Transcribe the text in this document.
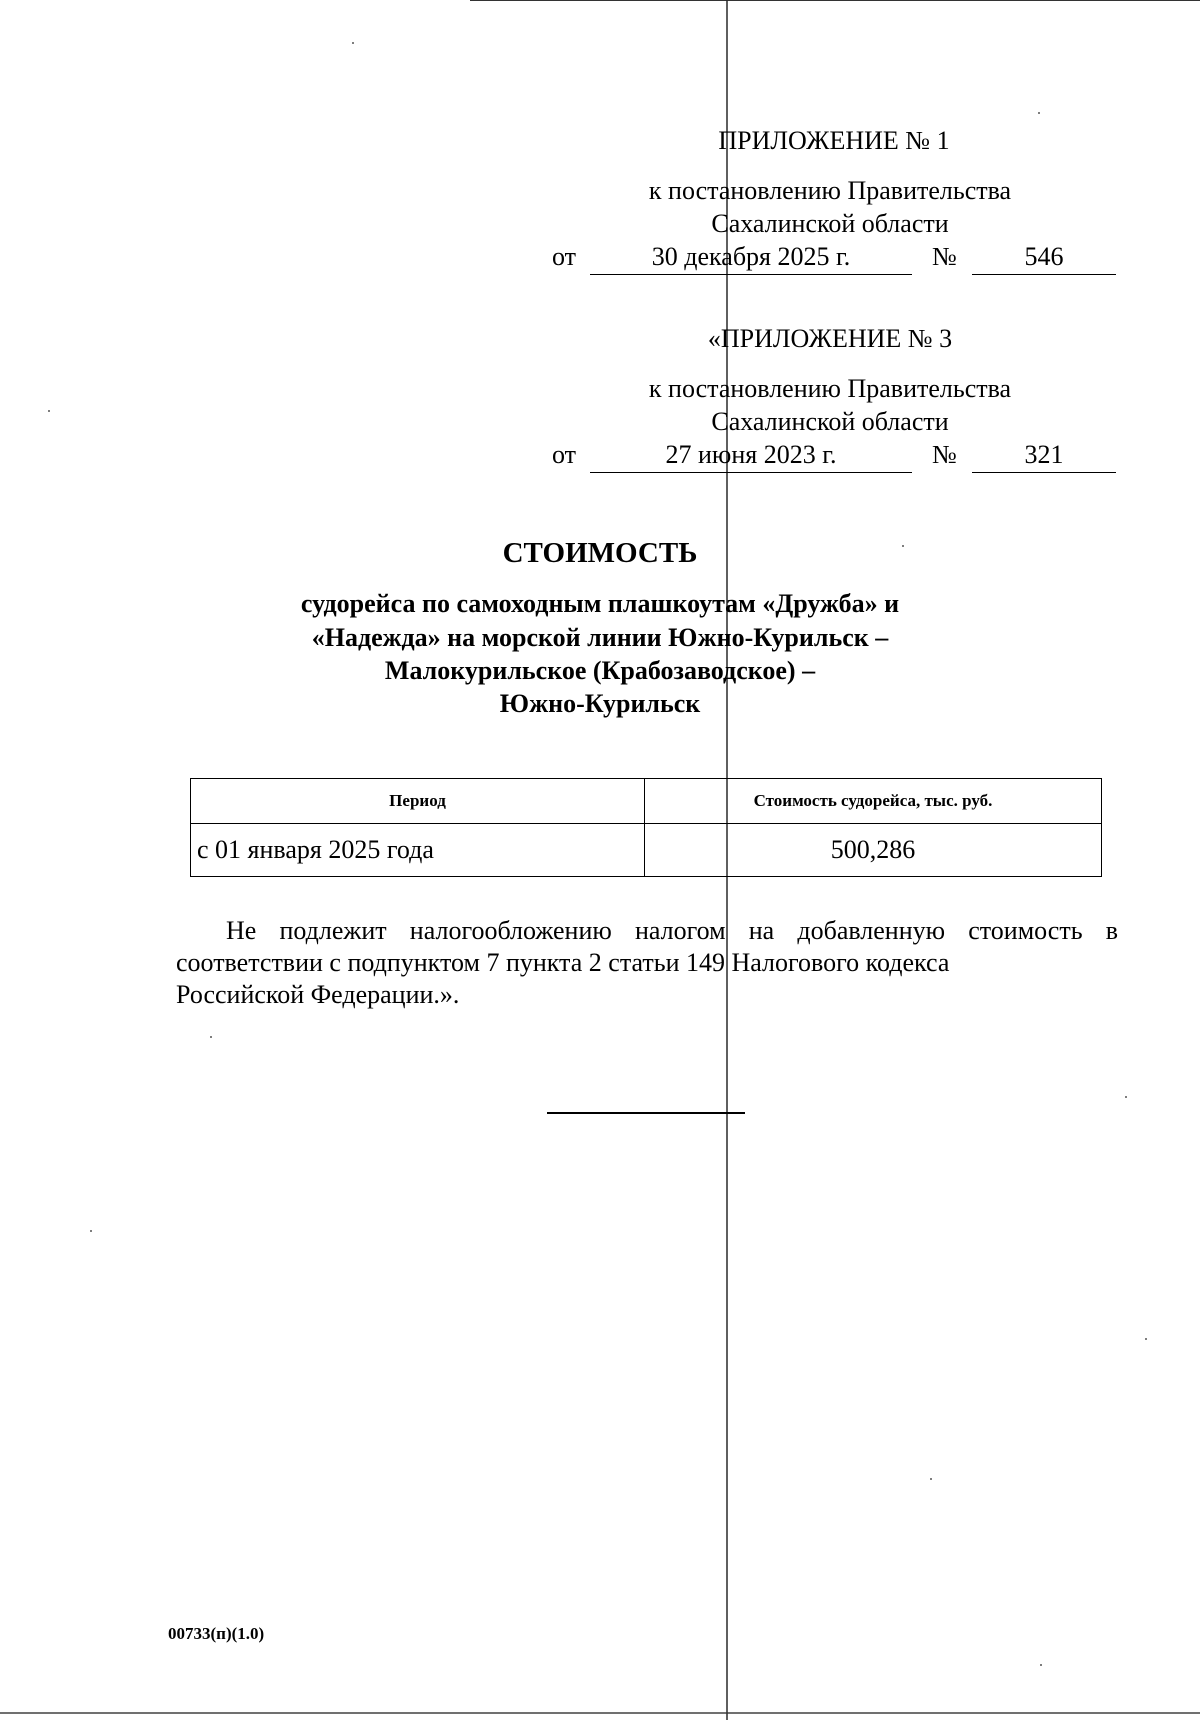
ПРИЛОЖЕНИЕ № 1
к постановлению Правительства
Сахалинской области
от	30 декабря 2025 г.	№	546
«ПРИЛОЖЕНИЕ № 3
к постановлению Правительства
Сахалинской области
от	27 июня 2023 г.	№	321
СТОИМОСТЬ
судорейса по самоходным плашкоутам «Дружба» и
«Надежда» на морской линии Южно-Курильск –
Малокурильское (Крабозаводское) –
Южно-Курильск
Период	Стоимость судорейса, тыс. руб.
с 01 января 2025 года	500,286
Не подлежит налогообложению налогом на добавленную стоимость в соответствии с подпунктом 7 пункта 2 статьи 149 Налогового кодекса
Российской Федерации.».
00733(п)(1.0)
